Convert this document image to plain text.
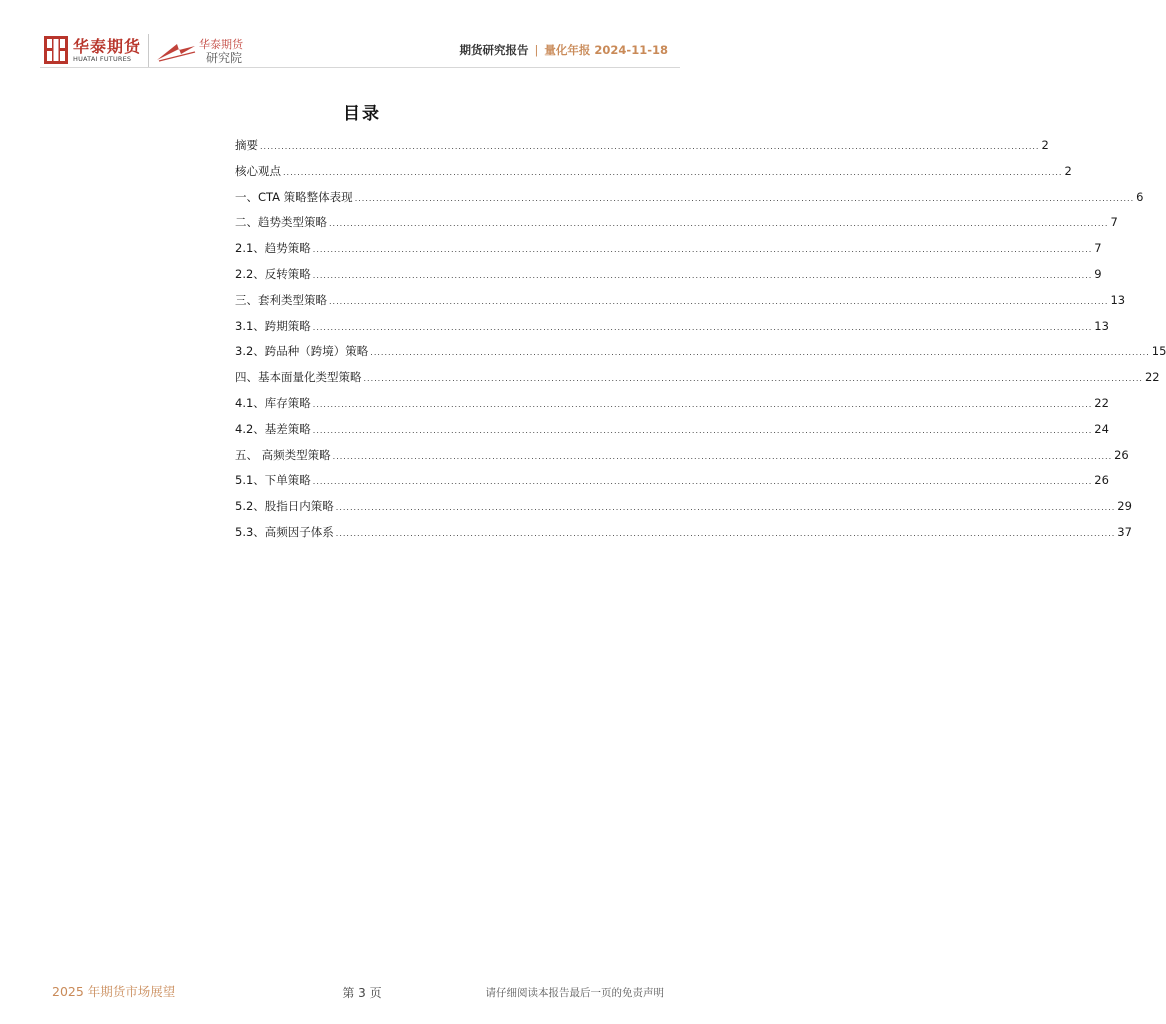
华泰期货
HUATAI FUTURES
华泰期货
研究院
期货研究报告 | 量化年报 2024-11-18
目录
摘要 ............................................................................................................................................................................................................................ 2
核心观点 ............................................................................................................................................................................................................................ 2
一、CTA 策略整体表现 ............................................................................................................................................................................................................................ 6
二、趋势类型策略 ............................................................................................................................................................................................................................ 7
2.1、趋势策略 ............................................................................................................................................................................................................................ 7
2.2、反转策略 ............................................................................................................................................................................................................................ 9
三、套利类型策略 ............................................................................................................................................................................................................................ 13
3.1、跨期策略 ............................................................................................................................................................................................................................ 13
3.2、跨品种（跨境）策略 ............................................................................................................................................................................................................................ 15
四、基本面量化类型策略 ............................................................................................................................................................................................................................ 22
4.1、库存策略 ............................................................................................................................................................................................................................ 22
4.2、基差策略 ............................................................................................................................................................................................................................ 24
五、 高频类型策略 ............................................................................................................................................................................................................................ 26
5.1、下单策略 ............................................................................................................................................................................................................................ 26
5.2、股指日内策略 ............................................................................................................................................................................................................................ 29
5.3、高频因子体系 ............................................................................................................................................................................................................................ 37
2025 年期货市场展望	第 3 页	请仔细阅读本报告最后一页的免责声明
